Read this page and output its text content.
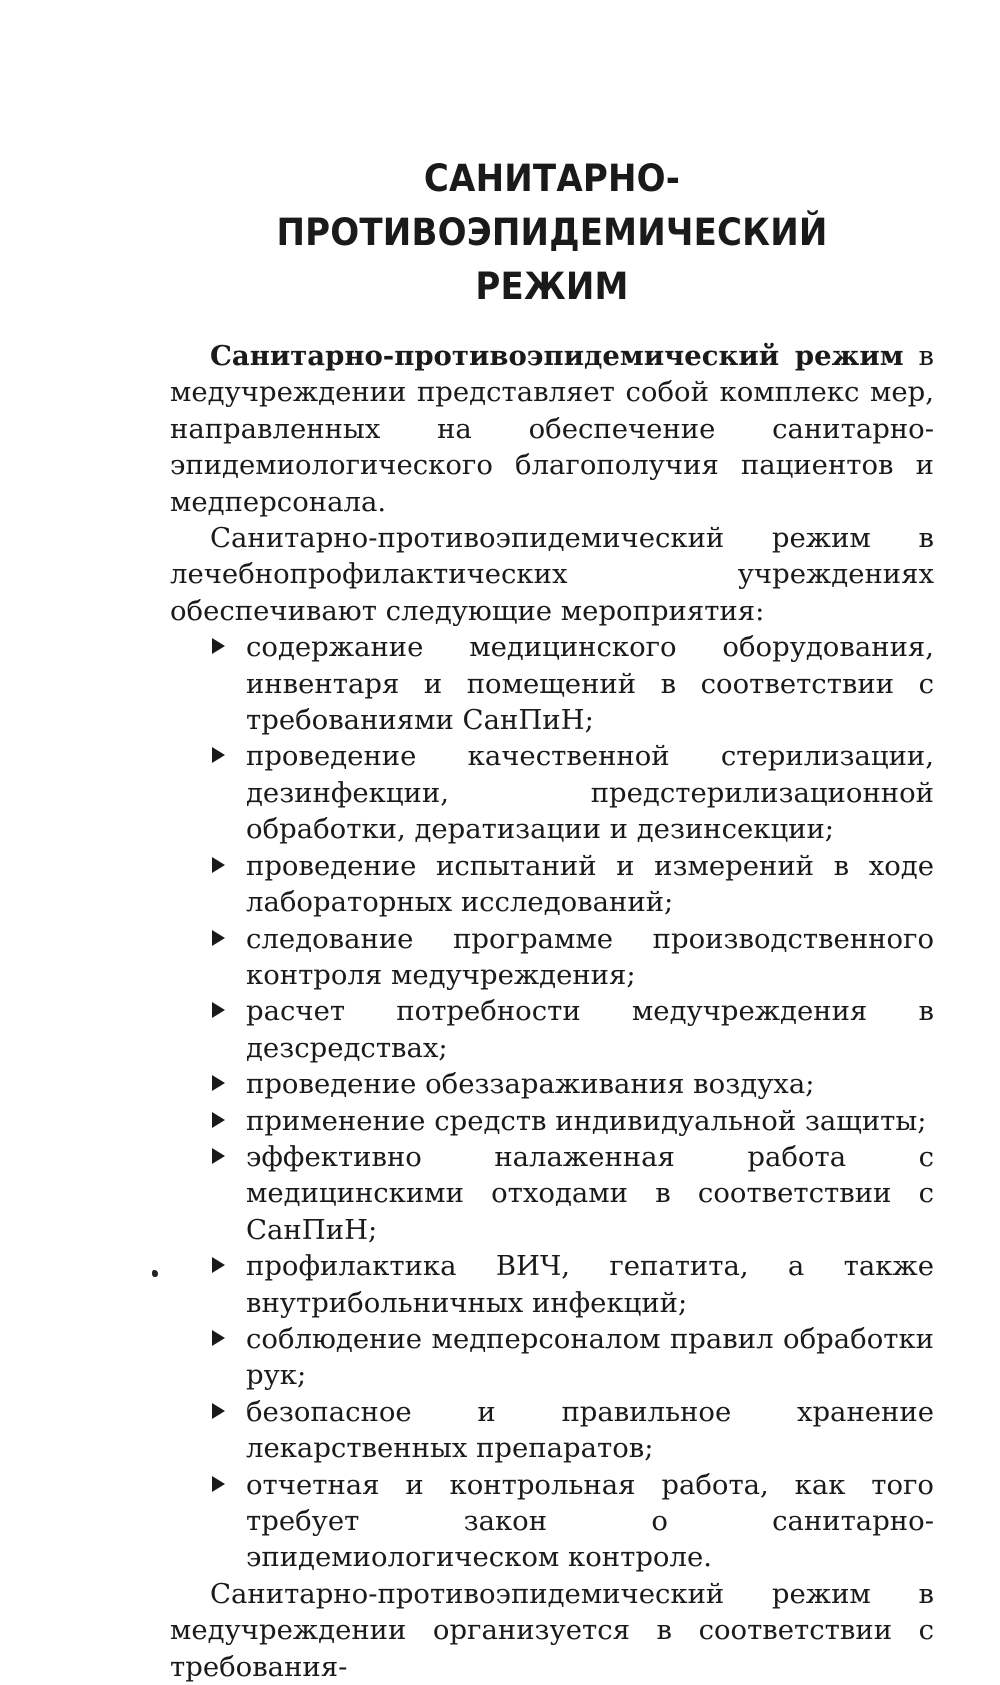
САНИТАРНО-ПРОТИВОЭПИДЕМИЧЕСКИЙ
РЕЖИМ

Санитарно-противоэпидемический режим в медучреждении представляет собой комплекс мер, направленных на обеспечение санитарно-эпидемиологического благополучия пациентов и медперсонала.

Санитарно-противоэпидемический режим в лечебнопрофилактических учреждениях обеспечивают следующие мероприятия:

содержание медицинского оборудования, инвентаря и помещений в соответствии с требованиями СанПиН;
проведение качественной стерилизации, дезинфекции, предстерилизационной обработки, дератизации и дезинсекции;
проведение испытаний и измерений в ходе лабораторных исследований;
следование программе производственного контроля медучреждения;
расчет потребности медучреждения в дезсредствах;
проведение обеззараживания воздуха;
применение средств индивидуальной защиты;
эффективно налаженная работа с медицинскими отходами в соответствии с СанПиН;
профилактика ВИЧ, гепатита, а также внутрибольничных инфекций;
соблюдение медперсоналом правил обработки рук;
безопасное и правильное хранение лекарственных препаратов;
отчетная и контрольная работа, как того требует закон о санитарно-эпидемиологическом контроле.

Санитарно-противоэпидемический режим в медучреждении организуется в соответствии с требования-
